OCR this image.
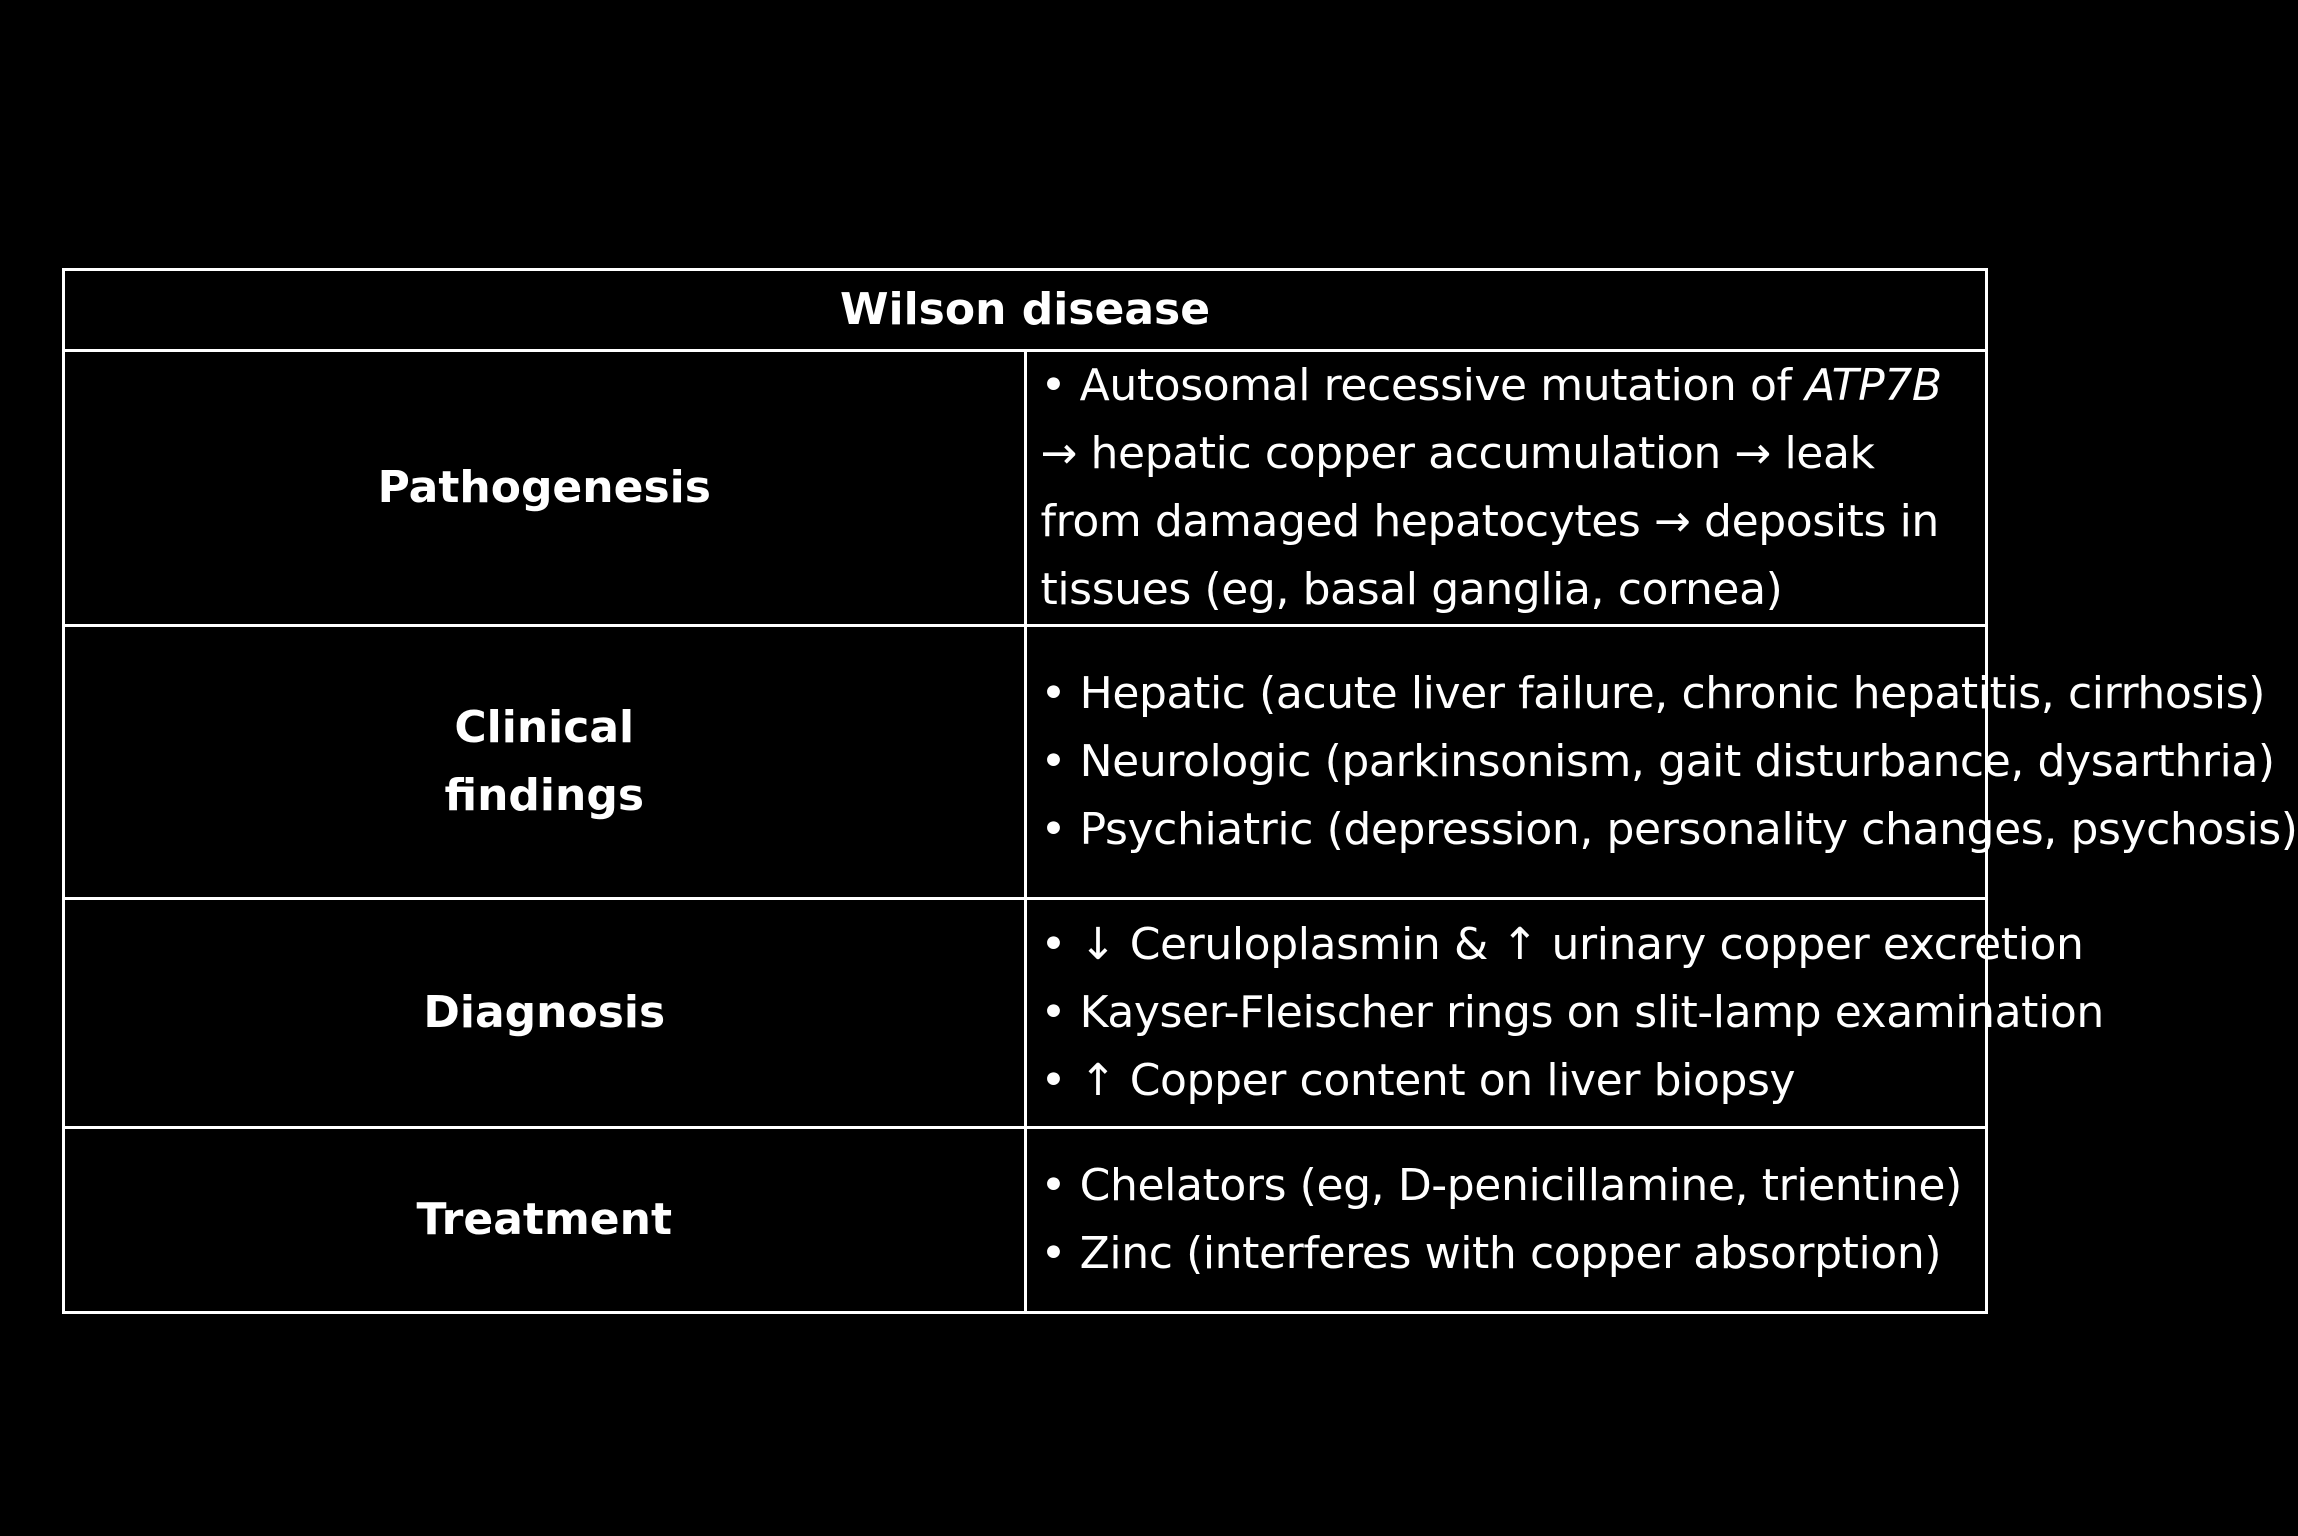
Wilson disease	
Pathogenesis	• Autosomal recessive mutation of ATP7B → hepatic copper accumulation → leak from damaged hepatocytes → deposits in tissues (eg, basal ganglia, cornea)

Clinical
findings	• Hepatic (acute liver failure, chronic hepatitis, cirrhosis)
• Neurologic (parkinsonism, gait disturbance, dysarthria)
• Psychiatric (depression, personality changes, psychosis)

Diagnosis	• ↓ Ceruloplasmin & ↑ urinary copper excretion
• Kayser-Fleischer rings on slit-lamp examination
• ↑ Copper content on liver biopsy

Treatment	• Chelators (eg, D-penicillamine, trientine)
• Zinc (interferes with copper absorption)
